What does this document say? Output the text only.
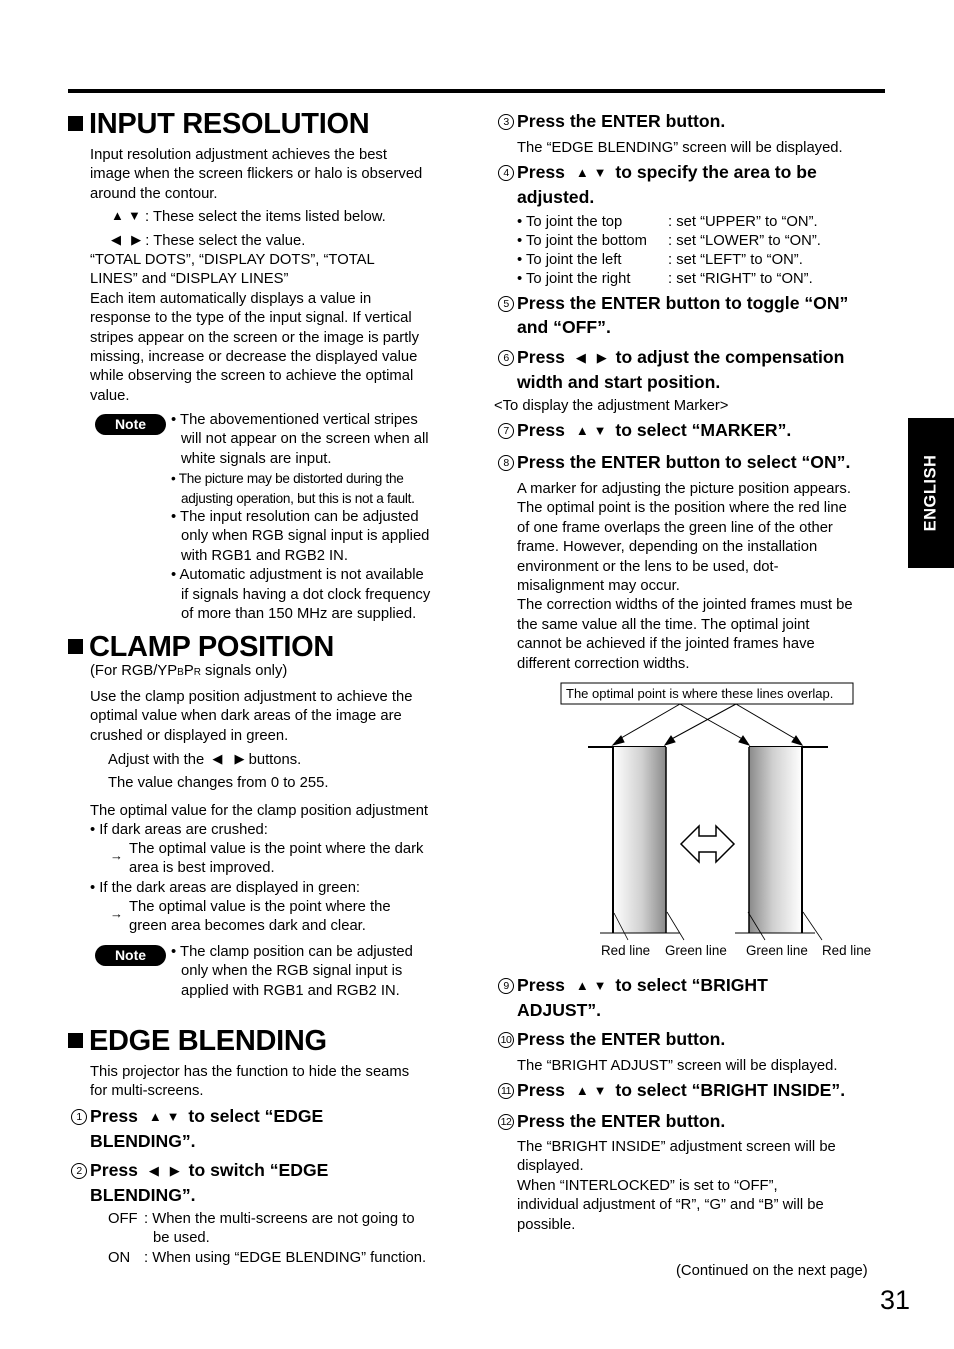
INPUT RESOLUTION

Input resolution adjustment achieves the best

image when the screen flickers or halo is observed

around the contour.

▲ ▼ : These select the items listed below.
◀ ▶ : These select the value.

“TOTAL DOTS”, “DISPLAY DOTS”, “TOTAL

LINES” and “DISPLAY LINES”

Each item automatically displays a value in

response to the type of the input signal. If vertical

stripes appear on the screen or the image is partly

missing, increase or decrease the displayed value

while observing the screen to achieve the optimal

value.

Note	• The abovementioned vertical stripes

will not appear on the screen when all

white signals are input.

• The picture may be distorted during the

adjusting operation, but this is not a fault.

• The input resolution can be adjusted

only when RGB signal input is applied

with RGB1 and RGB2 IN.

• Automatic adjustment is not available

if signals having a dot clock frequency

of more than 150 MHz are supplied.

CLAMP POSITION
(For RGB/YPBPR signals only)

Use the clamp position adjustment to achieve the

optimal value when dark areas of the image are

crushed or displayed in green.

Adjust with the ◀ ▶ buttons.
The value changes from 0 to 255.
The optimal value for the clamp position adjustment
• If dark areas are crushed:
→ The optimal value is the point where the dark

area is best improved.

• If the dark areas are displayed in green:
→ The optimal value is the point where the

green area becomes dark and clear.

Note	• The clamp position can be adjusted

only when the RGB signal input is

applied with RGB1 and RGB2 IN.

EDGE BLENDING

This projector has the function to hide the seams

for multi-screens.

1 Press ▲ ▼ to select “EDGE
BLENDING”.
2 Press ◀ ▶ to switch “EDGE
BLENDING”.
OFF : When the multi-screens are not going to
be used.
ON : When using “EDGE BLENDING” function.
3 Press the ENTER button.
The “EDGE BLENDING” screen will be displayed.
4 Press ▲ ▼ to specify the area to be
adjusted.
• To joint the top	: set “UPPER” to “ON”.
• To joint the bottom : set “LOWER” to “ON”.
• To joint the left	: set “LEFT” to “ON”.
• To joint the right	: set “RIGHT” to “ON”.
5 Press the ENTER button to toggle “ON”
and “OFF”.
6 Press ◀ ▶ to adjust the compensation
width and start position.
<To display the adjustment Marker>
7 Press ▲ ▼ to select “MARKER”.
8 Press the ENTER button to select “ON”.

A marker for adjusting the picture position appears.

The optimal point is the position where the red line

of one frame overlaps the green line of the other

frame. However, depending on the installation

environment or the lens to be used, dot-

misalignment may occur.

The correction widths of the jointed frames must be

the same value all the time. The optimal joint

cannot be achieved if the jointed frames have

different correction widths.

The optimal point is where these lines overlap.
Red line Green line Green line Red line
9 Press ▲ ▼ to select “BRIGHT
ADJUST”.
10 Press the ENTER button.
The “BRIGHT ADJUST” screen will be displayed.
11 Press ▲ ▼ to select “BRIGHT INSIDE”.
12 Press the ENTER button.

The “BRIGHT INSIDE” adjustment screen will be

displayed.

When “INTERLOCKED” is set to “OFF”,

individual adjustment of “R”, “G” and “B” will be

possible.

(Continued on the next page)
ENGLISH
31
